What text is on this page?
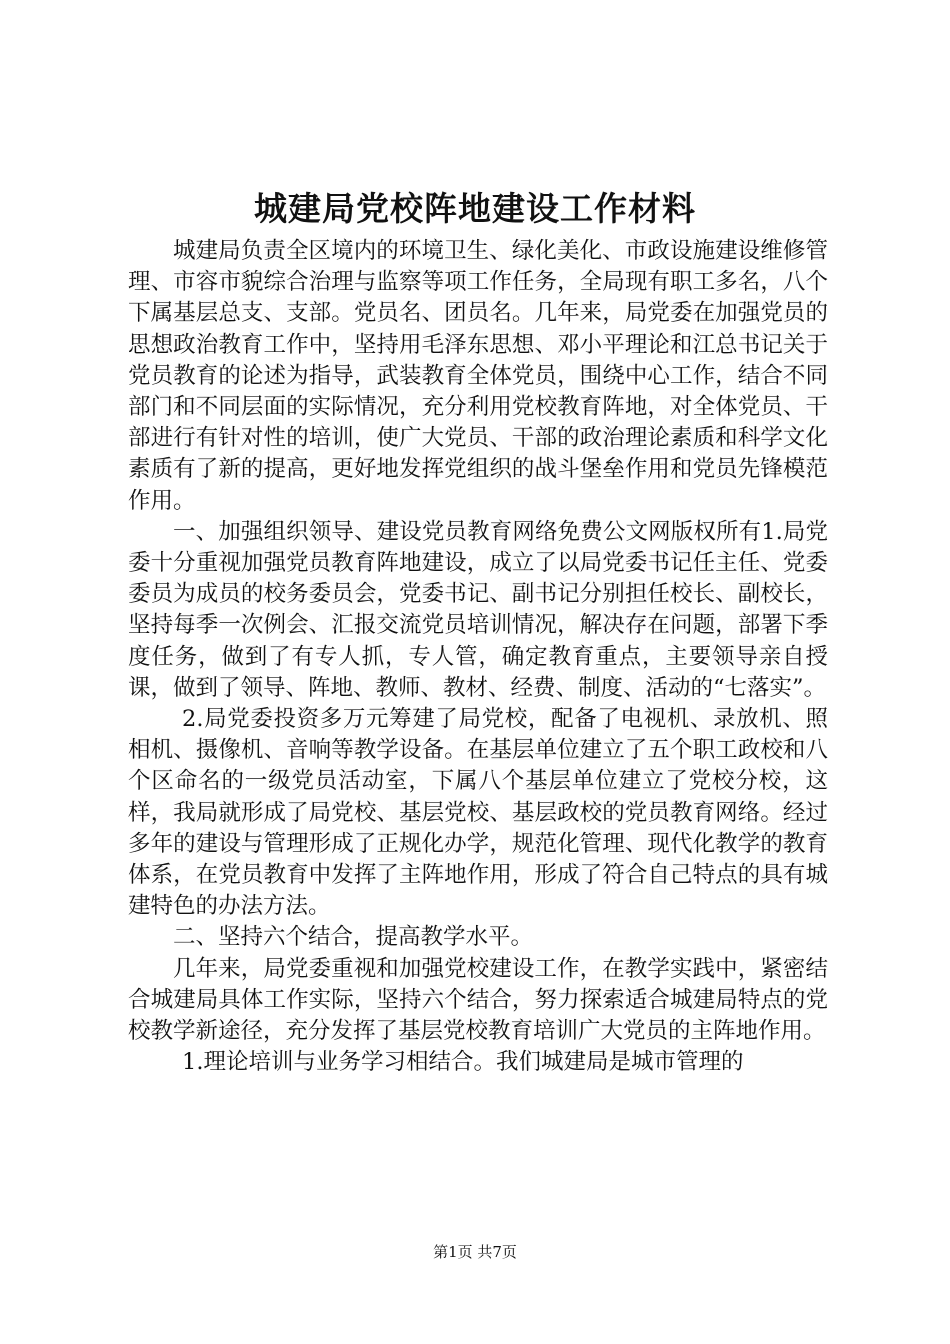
城建局党校阵地建设工作材料

城建局负责全区境内的环境卫生、绿化美化、市政设施建设维修管理、市容市貌综合治理与监察等项工作任务，全局现有职工多名，八个下属基层总支、支部。党员名、团员名。几年来，局党委在加强党员的思想政治教育工作中，坚持用毛泽东思想、邓小平理论和江总书记关于党员教育的论述为指导，武装教育全体党员，围绕中心工作，结合不同部门和不同层面的实际情况，充分利用党校教育阵地，对全体党员、干部进行有针对性的培训，使广大党员、干部的政治理论素质和科学文化素质有了新的提高，更好地发挥党组织的战斗堡垒作用和党员先锋模范作用。

一、加强组织领导、建设党员教育网络免费公文网版权所有1.局党委十分重视加强党员教育阵地建设，成立了以局党委书记任主任、党委委员为成员的校务委员会，党委书记、副书记分别担任校长、副校长，坚持每季一次例会、汇报交流党员培训情况，解决存在问题，部署下季度任务，做到了有专人抓，专人管，确定教育重点，主要领导亲自授课，做到了领导、阵地、教师、教材、经费、制度、活动的“七落实”。

2.局党委投资多万元筹建了局党校，配备了电视机、录放机、照相机、摄像机、音响等教学设备。在基层单位建立了五个职工政校和八个区命名的一级党员活动室，下属八个基层单位建立了党校分校，这样，我局就形成了局党校、基层党校、基层政校的党员教育网络。经过多年的建设与管理形成了正规化办学，规范化管理、现代化教学的教育体系，在党员教育中发挥了主阵地作用，形成了符合自己特点的具有城建特色的办法方法。

二、坚持六个结合，提高教学水平。

几年来，局党委重视和加强党校建设工作，在教学实践中，紧密结合城建局具体工作实际，坚持六个结合，努力探索适合城建局特点的党校教学新途径，充分发挥了基层党校教育培训广大党员的主阵地作用。

1.理论培训与业务学习相结合。我们城建局是城市管理的

第1页 共7页
